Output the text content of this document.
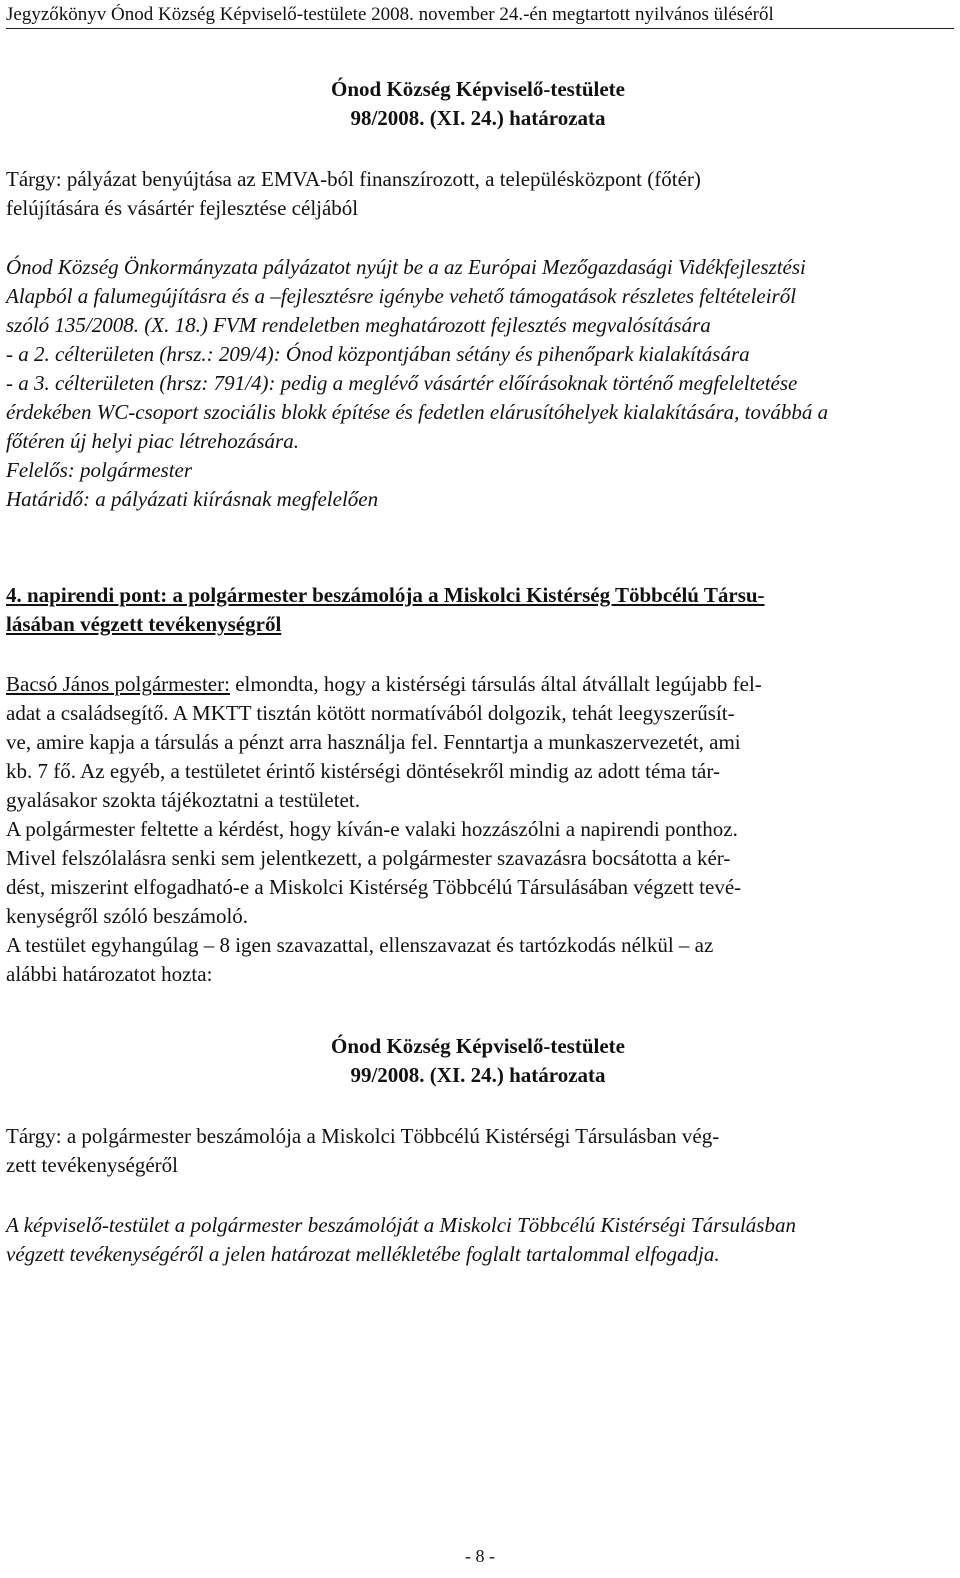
Jegyzőkönyv Ónod Község Képviselő-testülete 2008. november 24.-én megtartott nyilvános üléséről
Ónod Község Képviselő-testülete
98/2008. (XI. 24.) határozata
Tárgy: pályázat benyújtása az EMVA-ból finanszírozott, a településközpont (főtér)
felújítására és vásártér fejlesztése céljából
Ónod Község Önkormányzata pályázatot nyújt be a az Európai Mezőgazdasági Vidékfejlesztési
Alapból a falumegújításra és a –fejlesztésre igénybe vehető támogatások részletes feltételeiről
szóló 135/2008. (X. 18.) FVM rendeletben meghatározott fejlesztés megvalósítására
- a 2. célterületen (hrsz.: 209/4): Ónod központjában sétány és pihenőpark kialakítására
- a 3. célterületen (hrsz: 791/4): pedig a meglévő vásártér előírásoknak történő megfeleltetése
érdekében WC-csoport szociális blokk építése és fedetlen elárusítóhelyek kialakítására, továbbá a
főtéren új helyi piac létrehozására.
Felelős: polgármester
Határidő: a pályázati kiírásnak megfelelően
4. napirendi pont: a polgármester beszámolója a Miskolci Kistérség Többcélú Társu-
lásában végzett tevékenységről
Bacsó János polgármester: elmondta, hogy a kistérségi társulás által átvállalt legújabb fel-
adat a családsegítő. A MKTT tisztán kötött normatívából dolgozik, tehát leegyszerűsít-
ve, amire kapja a társulás a pénzt arra használja fel. Fenntartja a munkaszervezetét, ami
kb. 7 fő. Az egyéb, a testületet érintő kistérségi döntésekről mindig az adott téma tár-
gyalásakor szokta tájékoztatni a testületet.
A polgármester feltette a kérdést, hogy kíván-e valaki hozzászólni a napirendi ponthoz.
Mivel felszólalásra senki sem jelentkezett, a polgármester szavazásra bocsátotta a kér-
dést, miszerint elfogadható-e a Miskolci Kistérség Többcélú Társulásában végzett tevé-
kenységről szóló beszámoló.
A testület egyhangúlag – 8 igen szavazattal, ellenszavazat és tartózkodás nélkül – az
alábbi határozatot hozta:
Ónod Község Képviselő-testülete
99/2008. (XI. 24.) határozata
Tárgy: a polgármester beszámolója a Miskolci Többcélú Kistérségi Társulásban vég-
zett tevékenységéről
A képviselő-testület a polgármester beszámolóját a Miskolci Többcélú Kistérségi Társulásban
végzett tevékenységéről a jelen határozat mellékletébe foglalt tartalommal elfogadja.
- 8 -
